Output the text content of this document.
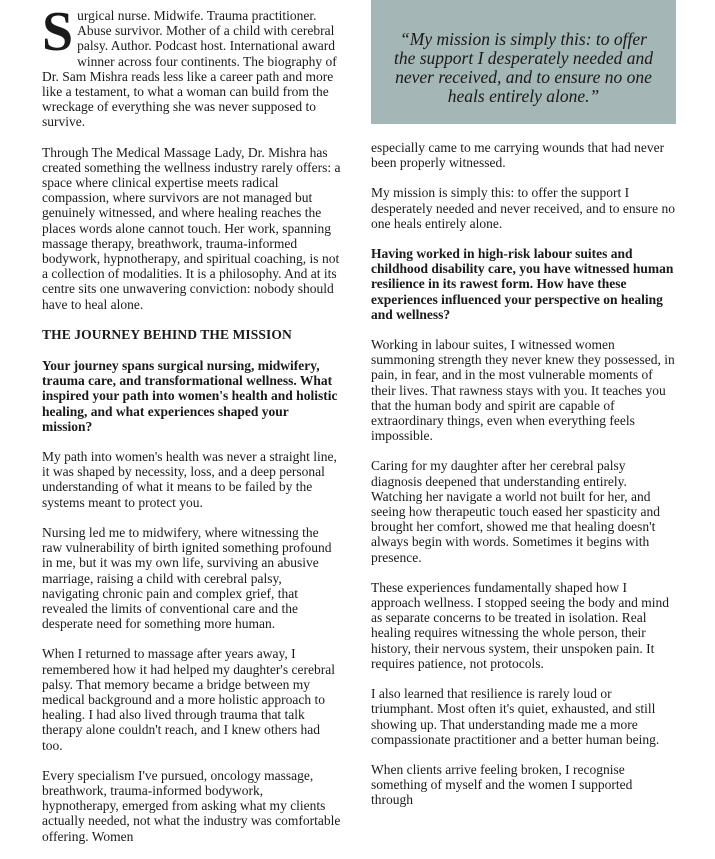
Surgical nurse. Midwife. Trauma practitioner. Abuse survivor. Mother of a child with cerebral palsy. Author. Podcast host. International award winner across four continents. The biography of Dr. Sam Mishra reads less like a career path and more like a testament, to what a woman can build from the wreckage of everything she was never supposed to survive.

Through The Medical Massage Lady, Dr. Mishra has created something the wellness industry rarely offers: a space where clinical expertise meets radical compassion, where survivors are not managed but genuinely witnessed, and where healing reaches the places words alone cannot touch. Her work, spanning massage therapy, breathwork, trauma-informed bodywork, hypnotherapy, and spiritual coaching, is not a collection of modalities. It is a philosophy. And at its centre sits one unwavering conviction: nobody should have to heal alone.

THE JOURNEY BEHIND THE MISSION

Your journey spans surgical nursing, midwifery, trauma care, and transformational wellness. What inspired your path into women's health and holistic healing, and what experiences shaped your mission?

My path into women's health was never a straight line, it was shaped by necessity, loss, and a deep personal understanding of what it means to be failed by the systems meant to protect you.

Nursing led me to midwifery, where witnessing the raw vulnerability of birth ignited something profound in me, but it was my own life, surviving an abusive marriage, raising a child with cerebral palsy, navigating chronic pain and complex grief, that revealed the limits of conventional care and the desperate need for something more human.

When I returned to massage after years away, I remembered how it had helped my daughter's cerebral palsy. That memory became a bridge between my medical background and a more holistic approach to healing. I had also lived through trauma that talk therapy alone couldn't reach, and I knew others had too.

Every specialism I've pursued, oncology massage, breathwork, trauma-informed bodywork, hypnotherapy, emerged from asking what my clients actually needed, not what the industry was comfortable offering. Women

“My mission is simply this: to offer the support I desperately needed and never received, and to ensure no one heals entirely alone.”

especially came to me carrying wounds that had never been properly witnessed.

My mission is simply this: to offer the support I desperately needed and never received, and to ensure no one heals entirely alone.

Having worked in high-risk labour suites and childhood disability care, you have witnessed human resilience in its rawest form. How have these experiences influenced your perspective on healing and wellness?

Working in labour suites, I witnessed women summoning strength they never knew they possessed, in pain, in fear, and in the most vulnerable moments of their lives. That rawness stays with you. It teaches you that the human body and spirit are capable of extraordinary things, even when everything feels impossible.

Caring for my daughter after her cerebral palsy diagnosis deepened that understanding entirely. Watching her navigate a world not built for her, and seeing how therapeutic touch eased her spasticity and brought her comfort, showed me that healing doesn't always begin with words. Sometimes it begins with presence.

These experiences fundamentally shaped how I approach wellness. I stopped seeing the body and mind as separate concerns to be treated in isolation. Real healing requires witnessing the whole person, their history, their nervous system, their unspoken pain. It requires patience, not protocols.

I also learned that resilience is rarely loud or triumphant. Most often it's quiet, exhausted, and still showing up. That understanding made me a more compassionate practitioner and a better human being.

When clients arrive feeling broken, I recognise something of myself and the women I supported through
